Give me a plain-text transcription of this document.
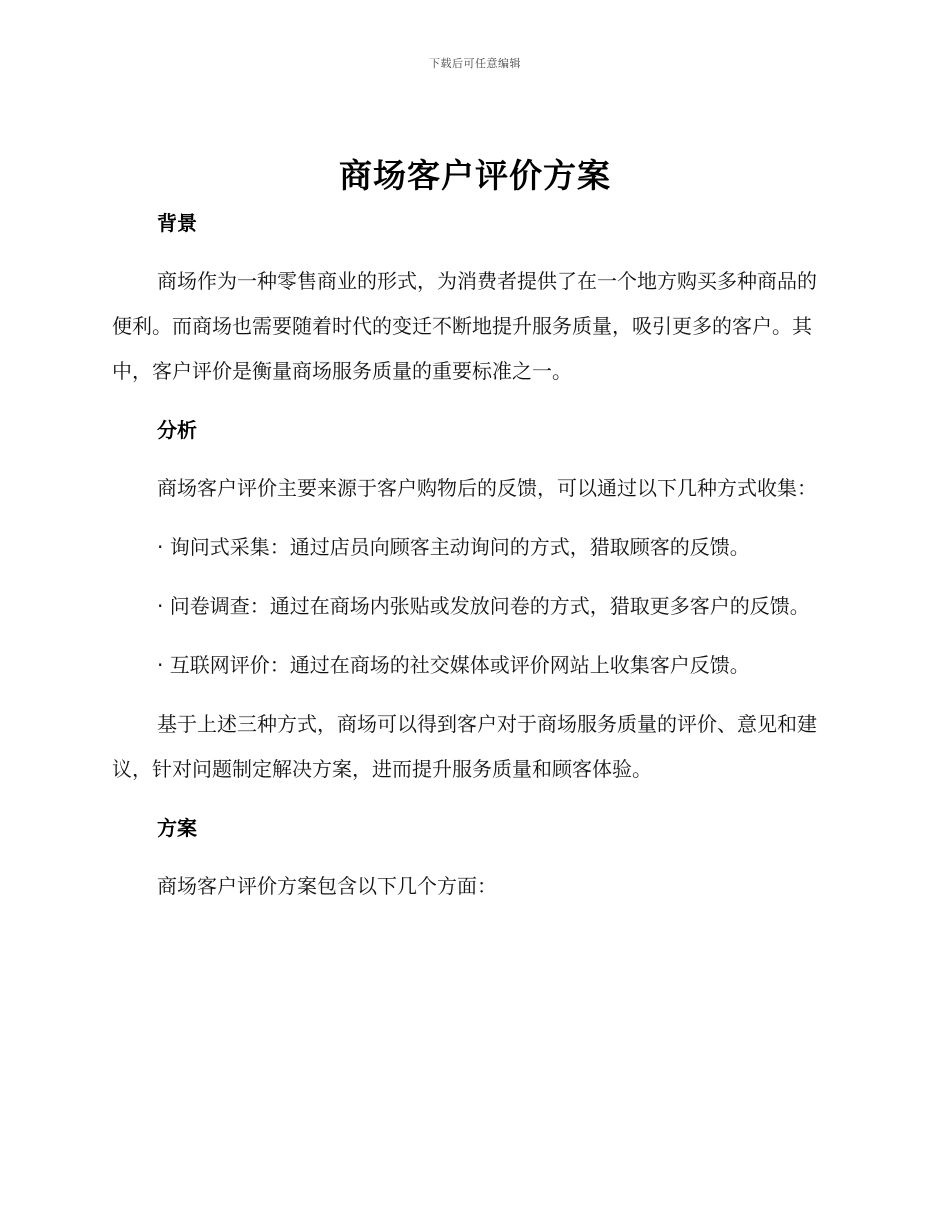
下载后可任意编辑
商场客户评价方案
背景

商场作为一种零售商业的形式，为消费者提供了在一个地方购买多种商品的便利。而商场也需要随着时代的变迁不断地提升服务质量，吸引更多的客户。其中，客户评价是衡量商场服务质量的重要标准之一。

分析

商场客户评价主要来源于客户购物后的反馈，可以通过以下几种方式收集：

· 询问式采集：通过店员向顾客主动询问的方式，猎取顾客的反馈。

· 问卷调查：通过在商场内张贴或发放问卷的方式，猎取更多客户的反馈。

· 互联网评价：通过在商场的社交媒体或评价网站上收集客户反馈。

基于上述三种方式，商场可以得到客户对于商场服务质量的评价、意见和建议，针对问题制定解决方案，进而提升服务质量和顾客体验。

方案

商场客户评价方案包含以下几个方面：
